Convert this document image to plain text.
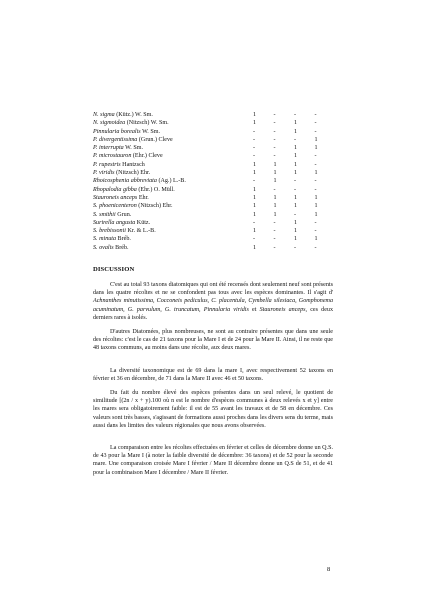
N. sigma (Kütz.) W. Sm.	1	-	-	-
N. sigmoidea (Nitzsch) W. Sm.	1	-	1	-
Pinnularia borealis W. Sm.	-	-	1	-
P. divergentissima (Grun.) Cleve	-	-	-	1
P. interrupta W. Sm.	-	-	1	1
P. microstauron (Ehr.) Cleve	-	-	1	-
P. rupestris Hantzsch	1	1	1	-
P. viridis (Nitzsch) Ehr.	1	1	1	1
Rhoicosphenia abbreviata (Ag.) L.-B.	-	1	-	-
Rhopalodia gibba (Ehr.) O. Müll.	1	-	-	-
Stauroneis anceps Ehr.	1	1	1	1
S. phoenicenteron (Nitzsch) Ehr.	1	1	1	1
S. smithii Grun.	1	1	-	1
Surirella angusta Kütz.	-	-	1	-
S. brebissonii Kr. & L.-B.	1	-	1	-
S. minuta Bréb.	-	-	1	1
S. ovalis Bréb.	1	-	-	-
DISCUSSION

C'est au total 93 taxons diatomiques qui ont été recensés dont seulement neuf sont présents dans les quatre récoltes et ne se confondent pas tous avec les espèces dominantes. Il s'agit d' Achnanthes minutissima, Cocconeis pediculus, C. placentula, Cymbella silesiaca, Gomphonema acuminatum, G. parvulum, G. truncatum, Pinnularia viridis et Stauroneis anceps, ces deux derniers rares à isolés.

D'autres Diatomées, plus nombreuses, ne sont au contraire présentes que dans une seule des récoltes: c'est le cas de 21 taxons pour la Mare I et de 24 pour la Mare II. Ainsi, il ne reste que 48 taxons communs, au moins dans une récolte, aux deux mares.

La diversité taxonomique est de 69 dans la mare I, avec respectivement 52 taxons en février et 36 en décembre, de 71 dans la Mare II avec 46 et 50 taxons.

Du fait du nombre élevé des espèces présentes dans un seul relevé, le quotient de similitude [(2n / x + y).100 où n est le nombre d'espèces communes à deux relevés x et y] entre les mares sera obligatoirement faible: il est de 55 avant les travaux et de 58 en décembre. Ces valeurs sont très basses, s'agissant de formations aussi proches dans les divers sens du terme, mais aussi dans les limites des valeurs régionales que nous avons observées.

La comparaison entre les récoltes effectuées en février et celles de décembre donne un Q.S. de 43 pour la Mare I (à noter la faible diversité de décembre: 36 taxons) et de 52 pour la seconde mare. Une comparaison croisée Mare I février / Mare II décembre donne un Q.S de 51, et de 41 pour la combinaison Mare I décembre / Mare II février.

8
